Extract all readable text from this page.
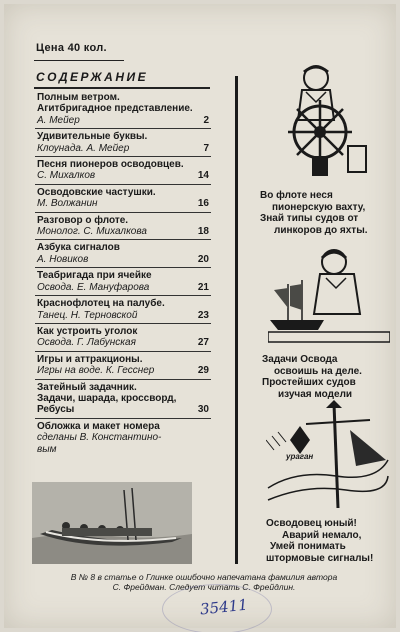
Цена 40 кол.
СОДЕРЖАНИЕ
Полным ветром.
Агитбригадное представление.
А. Мейер	2
Удивительные буквы.
Клоунада. А. Мейер	7
Песня пионеров осводовцев.
С. Михалков	14
Осводовские частушки.
М. Волжанин	16
Разговор о флоте.
Монолог. С. Михалкова	18
Азбука сигналов
А. Новиков	20
Теабригада при ячейке
Освода. Е. Мануфарова	21
Краснофлотец на палубе.
Танец. Н. Терновской	23
Как устроить уголок
Освода. Г. Лабунская	27
Игры и аттракционы.
Игры на воде. К. Гесснер	29
Затейный задачник.
Задачи, шарада, кроссворд,
Ребусы	30
Обложка и макет номера
сделаны В. Константино-
вым
Во флоте неся
пионерскую вахту,
Знай типы судов от
линкоров до яхты.
Задачи Освода
освоишь на деле.
Простейших судов
изучая модели
ураган
Осводовец юный!
Аварий немало,
Умей понимать
штормовые сигналы!
В № 8 в статье о Глинке ошибочно напечатана фамилия автора
С. Фрейдман. Следует читать С. Фрейдлин.
35411
